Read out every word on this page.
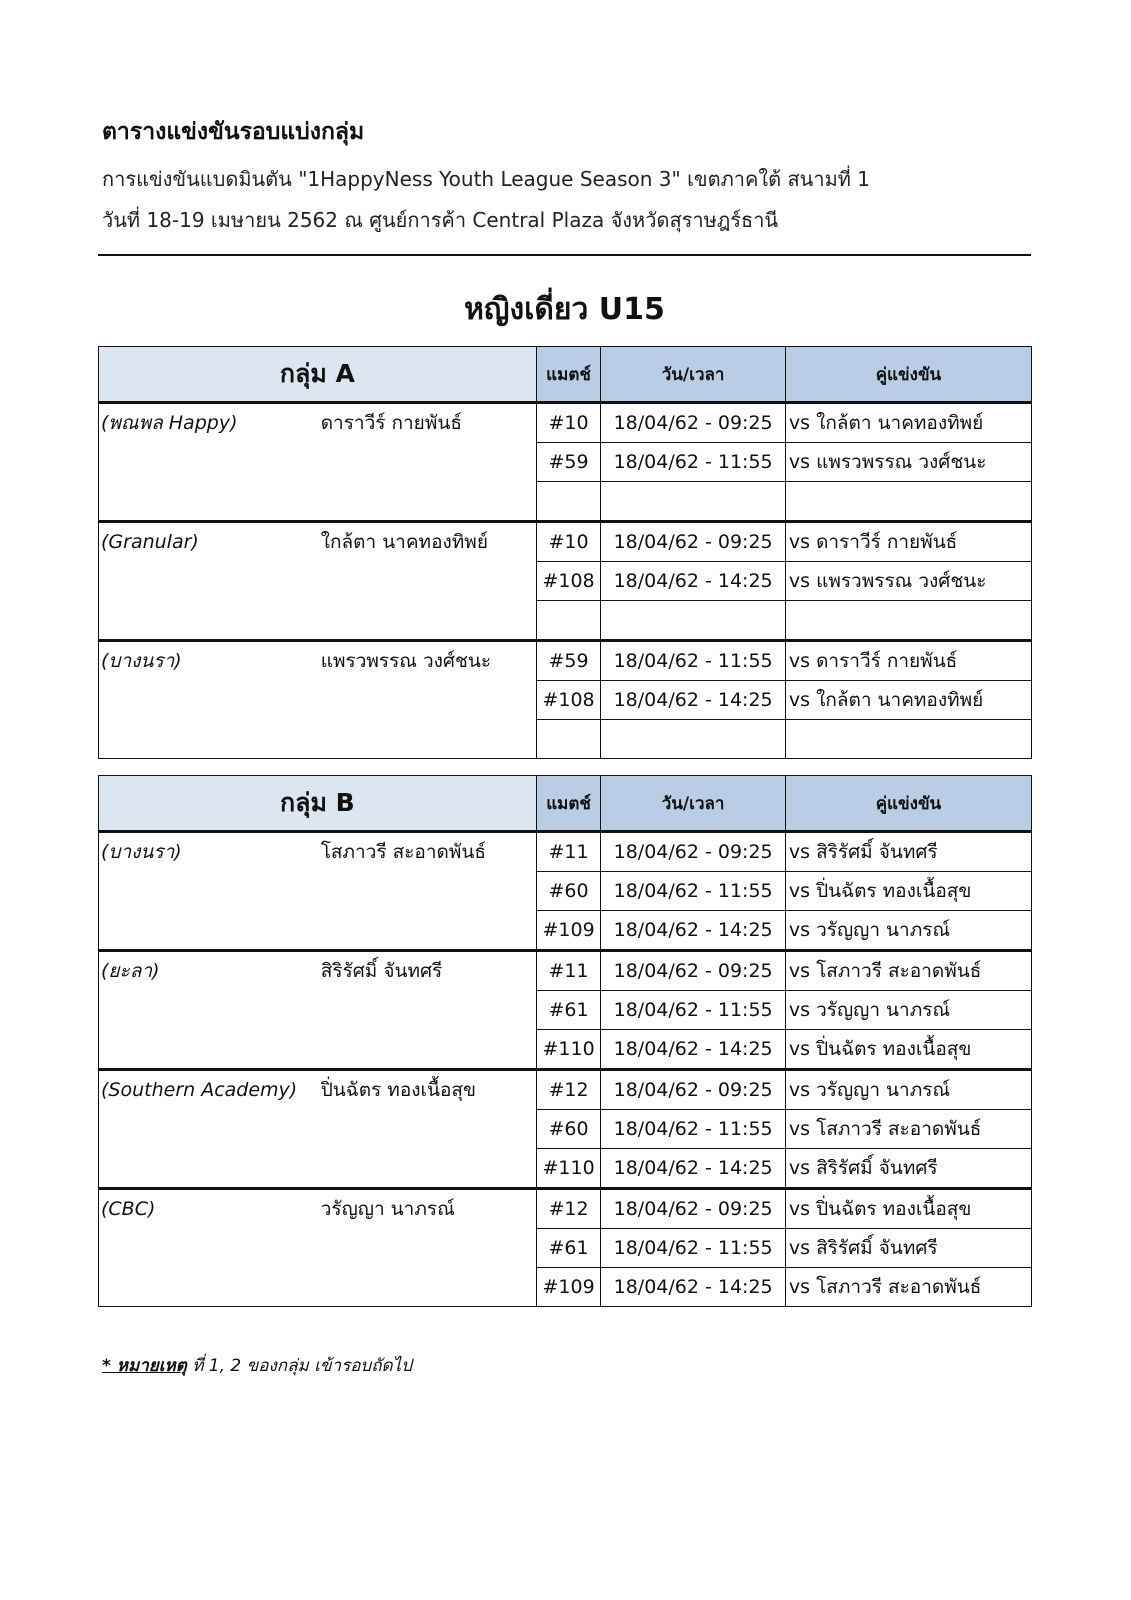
ตารางแข่งขันรอบแบ่งกลุ่ม
การแข่งขันแบดมินตัน "1HappyNess Youth League Season 3" เขตภาคใต้ สนามที่ 1
วันที่ 18-19 เมษายน 2562 ณ ศูนย์การค้า Central Plaza จังหวัดสุราษฎร์ธานี
หญิงเดี่ยว U15
กลุ่ม A		แมตช์	วัน/เวลา	คู่แข่งขัน

(พณพล Happy)	ดาราวีร์ กายพันธ์	#10	18/04/62 - 09:25	vs ใกล้ตา นาคทองทิพย์
		#59	18/04/62 - 11:55	vs แพรวพรรณ วงศ์ชนะ

(Granular)	ใกล้ตา นาคทองทิพย์	#10	18/04/62 - 09:25	vs ดาราวีร์ กายพันธ์
		#108	18/04/62 - 14:25	vs แพรวพรรณ วงศ์ชนะ

(บางนรา)	แพรวพรรณ วงศ์ชนะ	#59	18/04/62 - 11:55	vs ดาราวีร์ กายพันธ์
		#108	18/04/62 - 14:25	vs ใกล้ตา นาคทองทิพย์

กลุ่ม B		แมตช์	วัน/เวลา	คู่แข่งขัน

(บางนรา)	โสภาวรี สะอาดพันธ์	#11	18/04/62 - 09:25	vs สิริรัศมิ์ จันทศรี
		#60	18/04/62 - 11:55	vs ปิ่นฉัตร ทองเนื้อสุข
		#109	18/04/62 - 14:25	vs วรัญญา นาภรณ์

(ยะลา)	สิริรัศมิ์ จันทศรี	#11	18/04/62 - 09:25	vs โสภาวรี สะอาดพันธ์
		#61	18/04/62 - 11:55	vs วรัญญา นาภรณ์
		#110	18/04/62 - 14:25	vs ปิ่นฉัตร ทองเนื้อสุข

(Southern Academy)	ปิ่นฉัตร ทองเนื้อสุข	#12	18/04/62 - 09:25	vs วรัญญา นาภรณ์
		#60	18/04/62 - 11:55	vs โสภาวรี สะอาดพันธ์
		#110	18/04/62 - 14:25	vs สิริรัศมิ์ จันทศรี

(CBC)	วรัญญา นาภรณ์	#12	18/04/62 - 09:25	vs ปิ่นฉัตร ทองเนื้อสุข
		#61	18/04/62 - 11:55	vs สิริรัศมิ์ จันทศรี
		#109	18/04/62 - 14:25	vs โสภาวรี สะอาดพันธ์
* หมายเหตุ ที่ 1, 2 ของกลุ่ม เข้ารอบถัดไป
